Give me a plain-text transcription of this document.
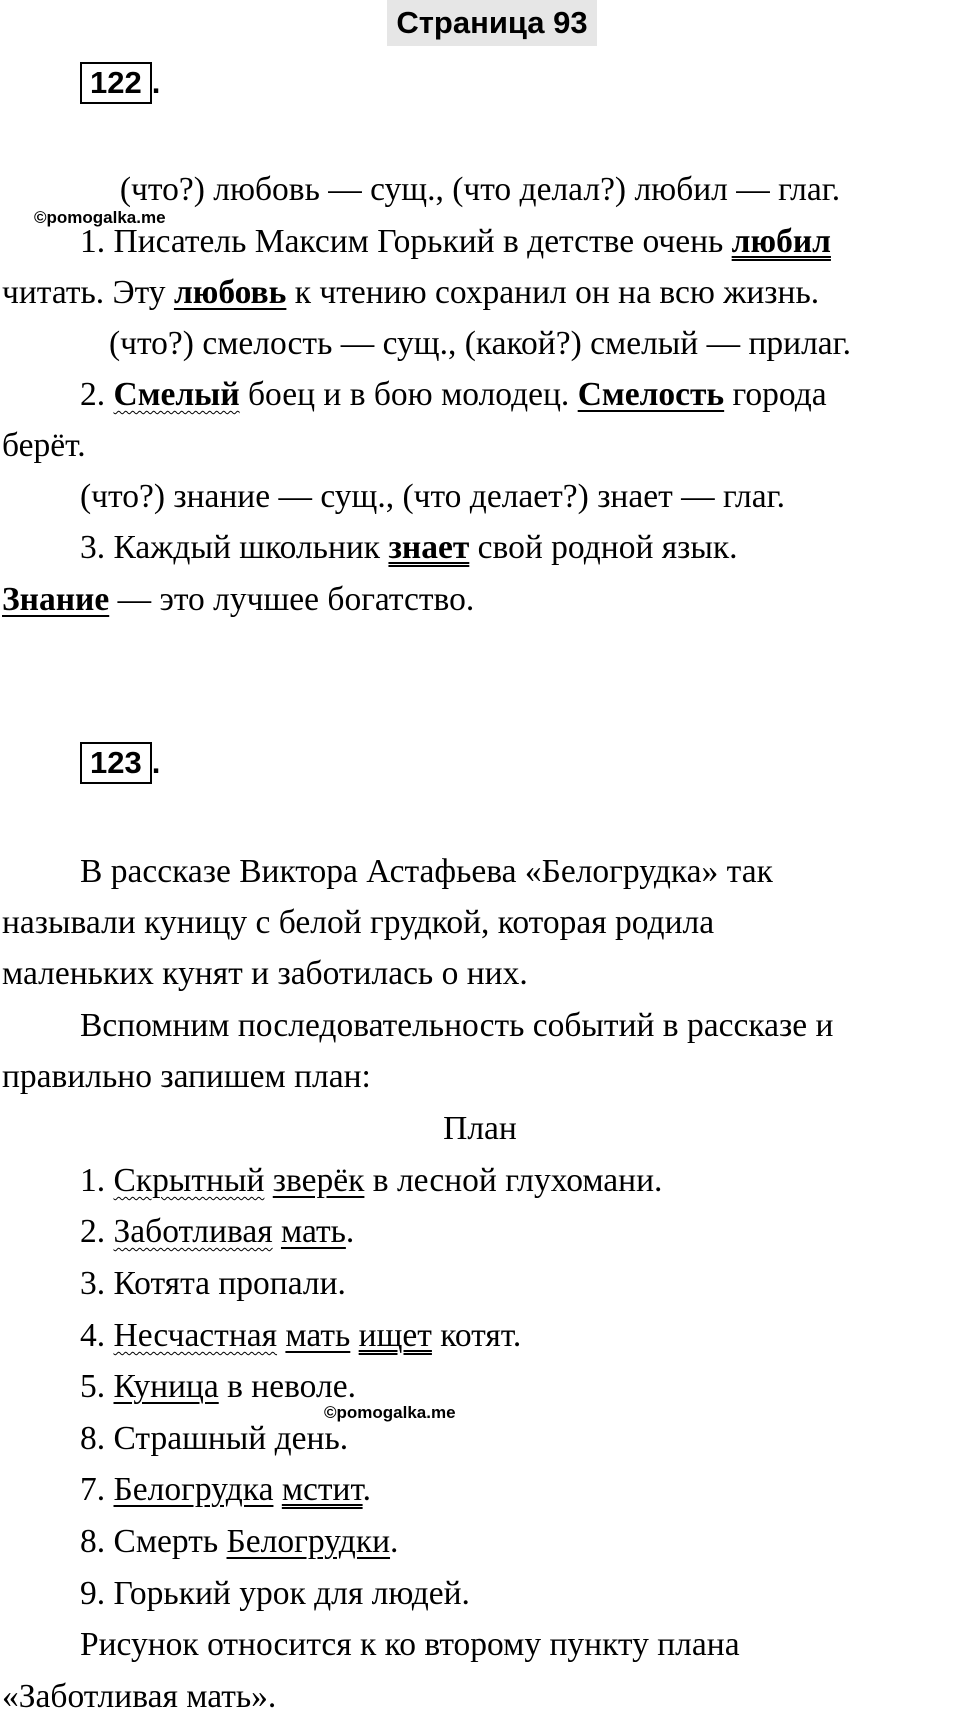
Страница 93
122 .
(что?) любовь — сущ., (что делал?) любил — глаг.
©pomogalka.me
1. Писатель Максим Горький в детстве очень любил
читать. Эту любовь к чтению сохранил он на всю жизнь.
(что?) смелость — сущ., (какой?) смелый — прилаг.
2. Смелый боец и в бою молодец. Смелость города
берёт.
(что?) знание — сущ., (что делает?) знает — глаг.
3. Каждый школьник знает свой родной язык.
Знание — это лучшее богатство.
123 .
В рассказе Виктора Астафьева «Белогрудка» так
называли куницу с белой грудкой, которая родила
маленьких кунят и заботилась о них.
Вспомним последовательность событий в рассказе и
правильно запишем план:
План
1. Скрытный зверёк в лесной глухомани.
2. Заботливая мать.
3. Котята пропали.
4. Несчастная мать ищет котят.
5. Куница в неволе.
©pomogalka.me
8. Страшный день.
7. Белогрудка мстит.
8. Смерть Белогрудки.
9. Горький урок для людей.
Рисунок относится к ко второму пункту плана
«Заботливая мать».
